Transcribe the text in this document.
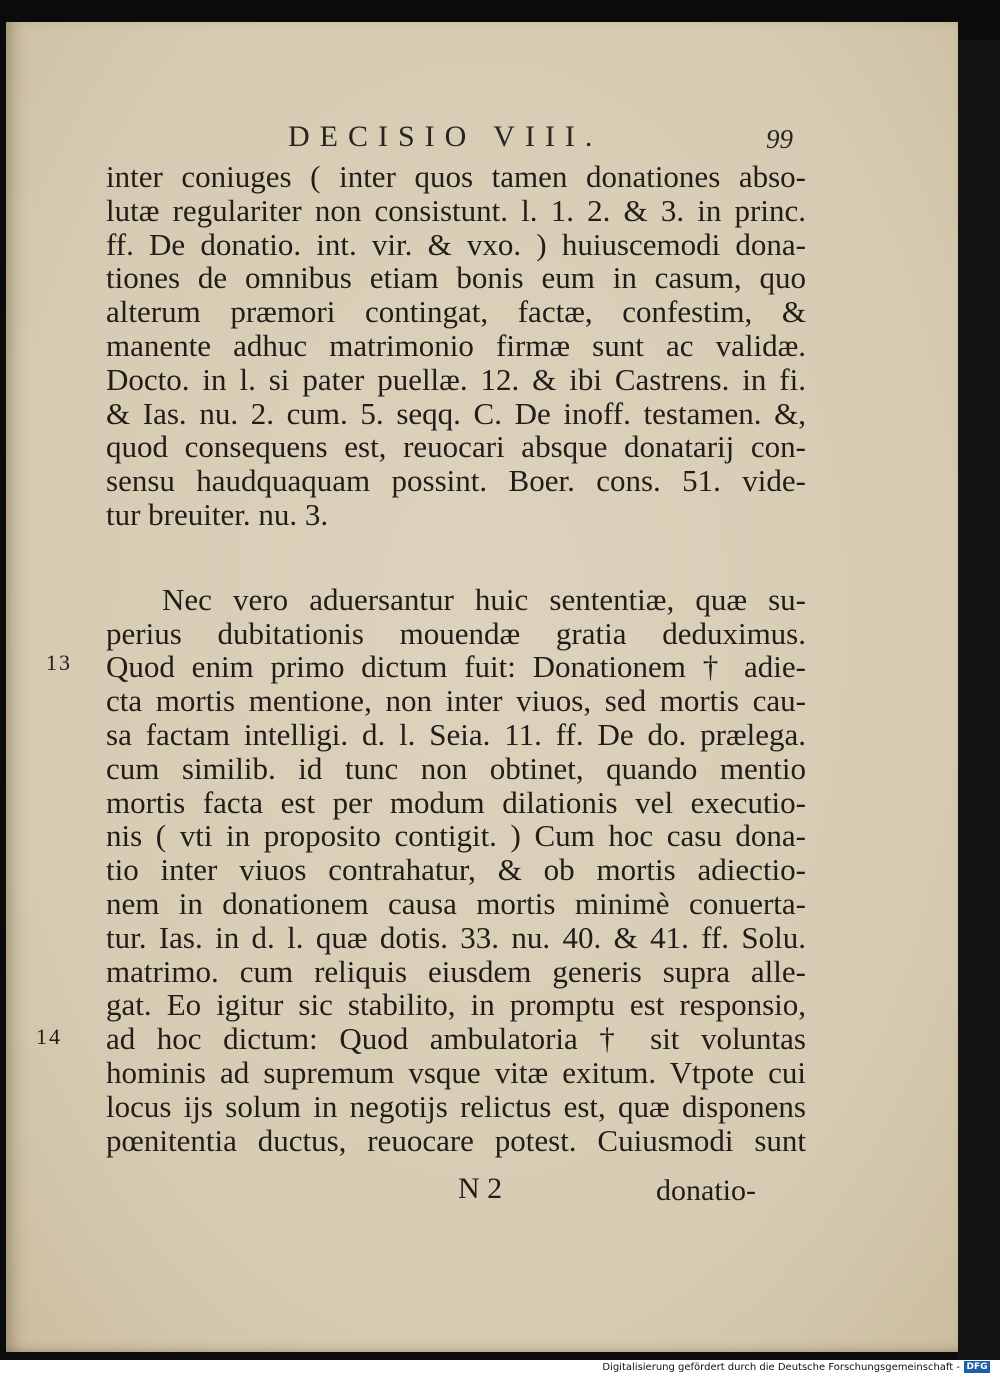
DECISIO VIII.	99
13
14
inter coniuges ( inter quos tamen donationes abso-
lutæ regulariter non consistunt. l. 1. 2. & 3. in princ.
ff. De donatio. int. vir. & vxo. ) huiuscemodi dona-
tiones de omnibus etiam bonis eum in casum, quo
alterum præmori contingat, factæ, confestim, &
manente adhuc matrimonio firmæ sunt ac validæ.
Docto. in l. si pater puellæ. 12. & ibi Castrens. in fi.
& Ias. nu. 2. cum. 5. seqq. C. De inoff. testamen. &,
quod consequens est, reuocari absque donatarij con-
sensu haudquaquam possint. Boer. cons. 51. vide-
tur breuiter. nu. 3.
Nec vero aduersantur huic sententiæ, quæ su-
perius dubitationis mouendæ gratia deduximus.
Quod enim primo dictum fuit: Donationem † adie-
cta mortis mentione, non inter viuos, sed mortis cau-
sa factam intelligi. d. l. Seia. 11. ff. De do. prælega.
cum similib. id tunc non obtinet, quando mentio
mortis facta est per modum dilationis vel executio-
nis ( vti in proposito contigit. ) Cum hoc casu dona-
tio inter viuos contrahatur, & ob mortis adiectio-
nem in donationem causa mortis minimè conuerta-
tur. Ias. in d. l. quæ dotis. 33. nu. 40. & 41. ff. Solu.
matrimo. cum reliquis eiusdem generis supra alle-
gat. Eo igitur sic stabilito, in promptu est responsio,
ad hoc dictum: Quod ambulatoria † sit voluntas
hominis ad supremum vsque vitæ exitum. Vtpote cui
locus ijs solum in negotijs relictus est, quæ disponens
pœnitentia ductus, reuocare potest. Cuiusmodi sunt
N 2	donatio-
Digitalisierung gefördert durch die Deutsche Forschungsgemeinschaft - DFG
